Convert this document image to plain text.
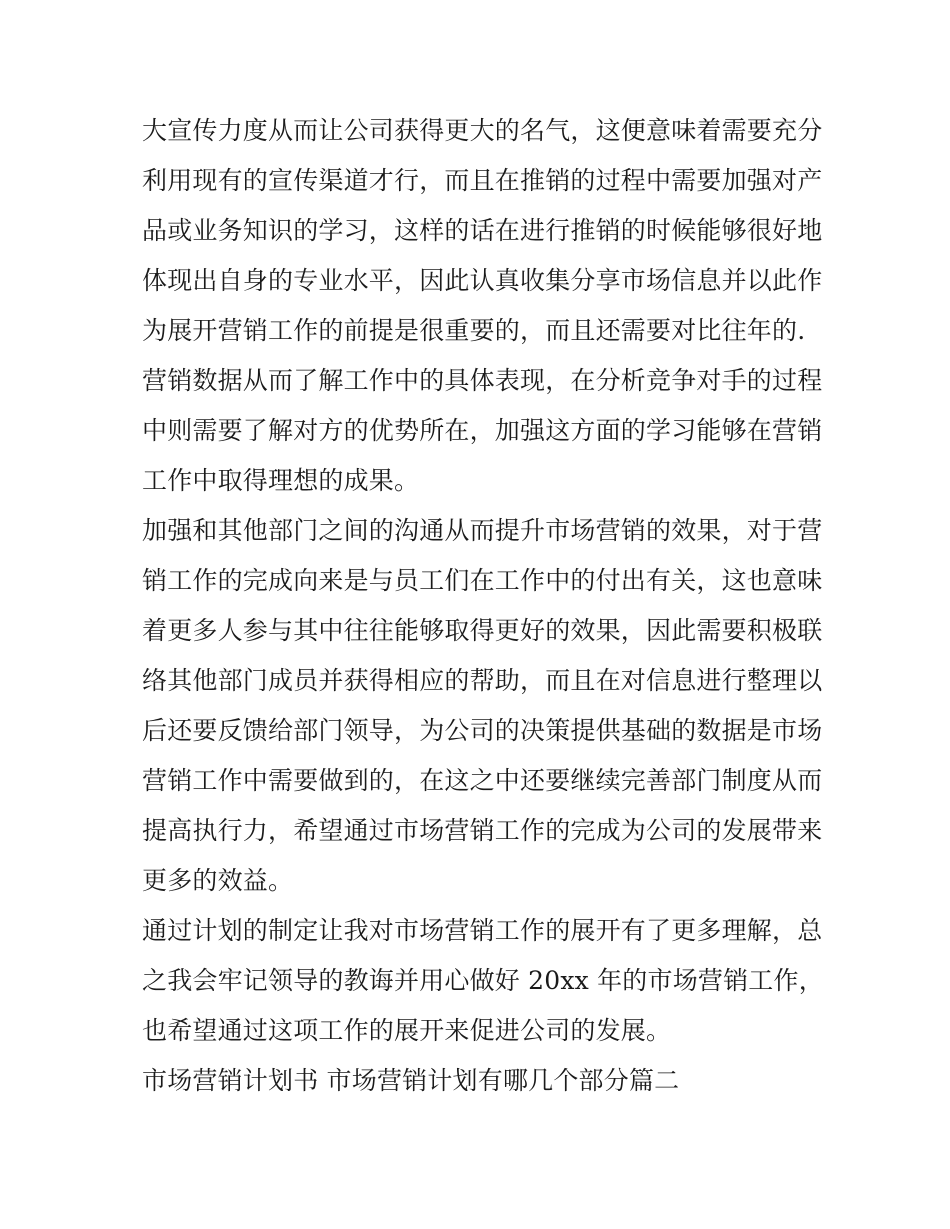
大宣传力度从而让公司获得更大的名气，这便意味着需要充分
利用现有的宣传渠道才行，而且在推销的过程中需要加强对产
品或业务知识的学习，这样的话在进行推销的时候能够很好地
体现出自身的专业水平，因此认真收集分享市场信息并以此作
为展开营销工作的前提是很重要的，而且还需要对比往年的.
营销数据从而了解工作中的具体表现，在分析竞争对手的过程
中则需要了解对方的优势所在，加强这方面的学习能够在营销
工作中取得理想的成果。
加强和其他部门之间的沟通从而提升市场营销的效果，对于营
销工作的完成向来是与员工们在工作中的付出有关，这也意味
着更多人参与其中往往能够取得更好的效果，因此需要积极联
络其他部门成员并获得相应的帮助，而且在对信息进行整理以
后还要反馈给部门领导，为公司的决策提供基础的数据是市场
营销工作中需要做到的，在这之中还要继续完善部门制度从而
提高执行力，希望通过市场营销工作的完成为公司的发展带来
更多的效益。
通过计划的制定让我对市场营销工作的展开有了更多理解，总
之我会牢记领导的教诲并用心做好 20xx 年的市场营销工作，
也希望通过这项工作的展开来促进公司的发展。
市场营销计划书 市场营销计划有哪几个部分篇二
